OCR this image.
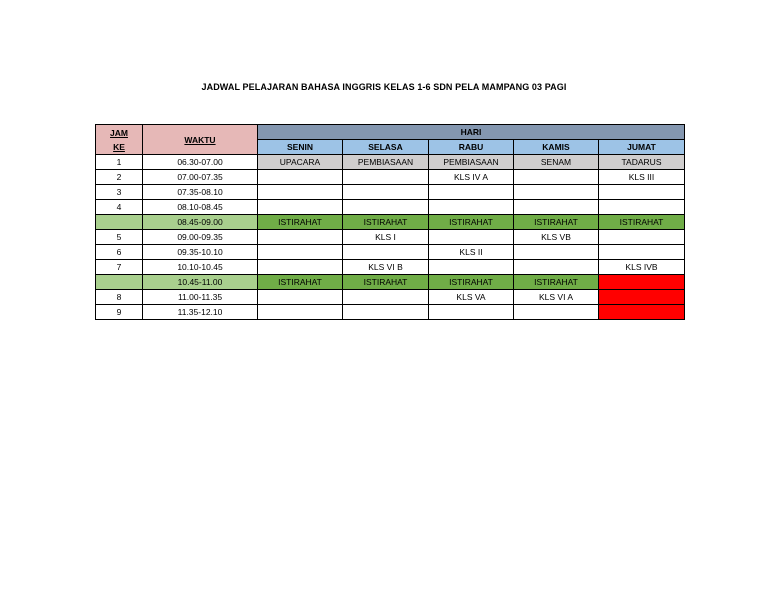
JADWAL PELAJARAN BAHASA INGGRIS KELAS 1-6 SDN PELA MAMPANG 03 PAGI
JAM
KE	WAKTU	HARI				
		SENIN	SELASA	RABU	KAMIS	JUMAT
1	06.30-07.00	UPACARA	PEMBIASAAN	PEMBIASAAN	SENAM	TADARUS
2	07.00-07.35			KLS IV A		KLS III
3	07.35-08.10					
4	08.10-08.45					
	08.45-09.00	ISTIRAHAT	ISTIRAHAT	ISTIRAHAT	ISTIRAHAT	ISTIRAHAT
5	09.00-09.35		KLS I		KLS VB	
6	09.35-10.10			KLS II		
7	10.10-10.45		KLS VI B			KLS IVB
	10.45-11.00	ISTIRAHAT	ISTIRAHAT	ISTIRAHAT	ISTIRAHAT	
8	11.00-11.35			KLS VA	KLS VI A	
9	11.35-12.10					
